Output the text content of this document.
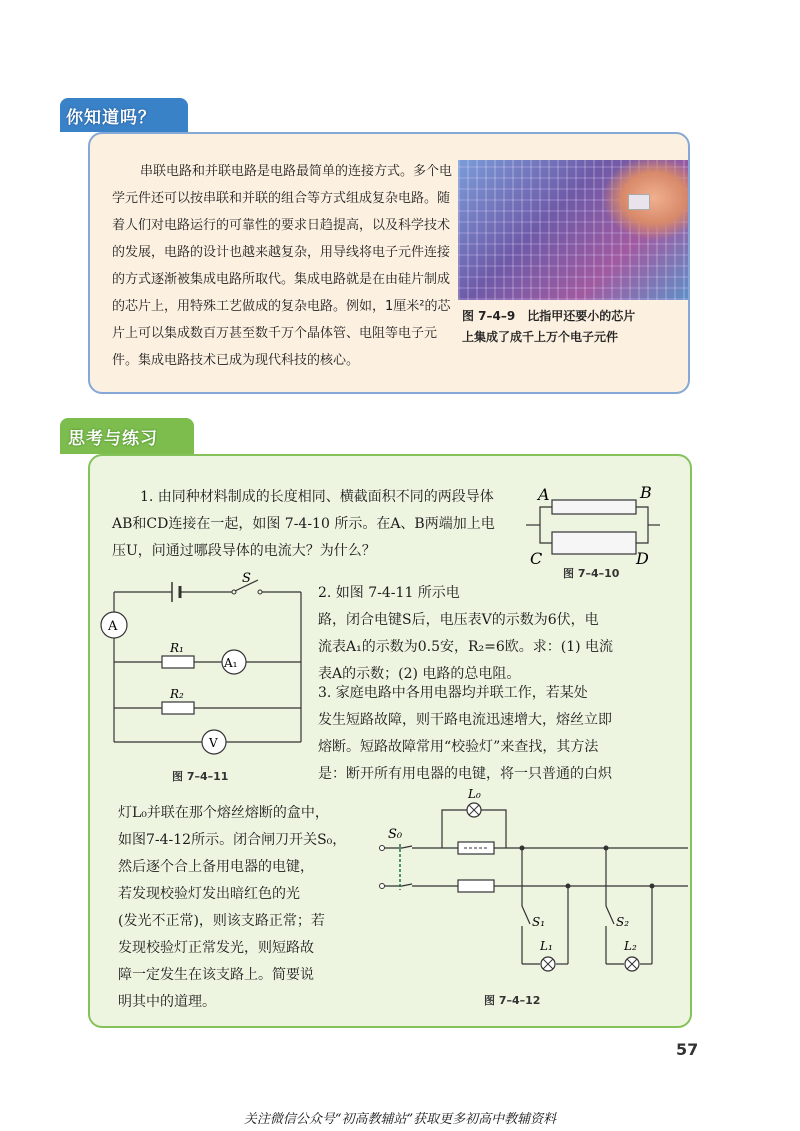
你知道吗？

串联电路和并联电路是电路最简单的连接方式。多个电学元件还可以按串联和并联的组合等方式组成复杂电路。随着人们对电路运行的可靠性的要求日趋提高，以及科学技术的发展，电路的设计也越来越复杂，用导线将电子元件连接的方式逐渐被集成电路所取代。集成电路就是在由硅片制成的芯片上，用特殊工艺做成的复杂电路。例如，1厘米²的芯片上可以集成数百万甚至数千万个晶体管、电阻等电子元件。集成电路技术已成为现代科技的核心。

图 7–4–9　比指甲还要小的芯片
上集成了成千上万个电子元件
思考与练习

1. 由同种材料制成的长度相同、横截面积不同的两段导体AB和CD连接在一起，如图 7-4-10 所示。在A、B两端加上电压U，问通过哪段导体的电流大？为什么？

A	B
C	D
图 7–4–10
S
A
R₁
A₁
R₂
V
图 7–4–11
2. 如图 7-4-11 所示电
路，闭合电键S后，电压表V的示数为6伏，电
流表A₁的示数为0.5安，R₂=6欧。求：(1) 电流
表A的示数；(2) 电路的总电阻。
3. 家庭电路中各用电器均并联工作，若某处
发生短路故障，则干路电流迅速增大，熔丝立即
熔断。短路故障常用“校验灯”来查找，其方法
是：断开所有用电器的电键，将一只普通的白炽
灯L₀并联在那个熔丝熔断的盒中，
如图7-4-12所示。闭合闸刀开关S₀，
然后逐个合上备用电器的电键，
若发现校验灯发出暗红色的光
(发光不正常)，则该支路正常；若
发现校验灯正常发光，则短路故
障一定发生在该支路上。简要说
明其中的道理。
S₀
L₀
S₁
L₁
S₂
L₂
图 7–4–12
57
关注微信公众号“初高教辅站”获取更多初高中教辅资料
